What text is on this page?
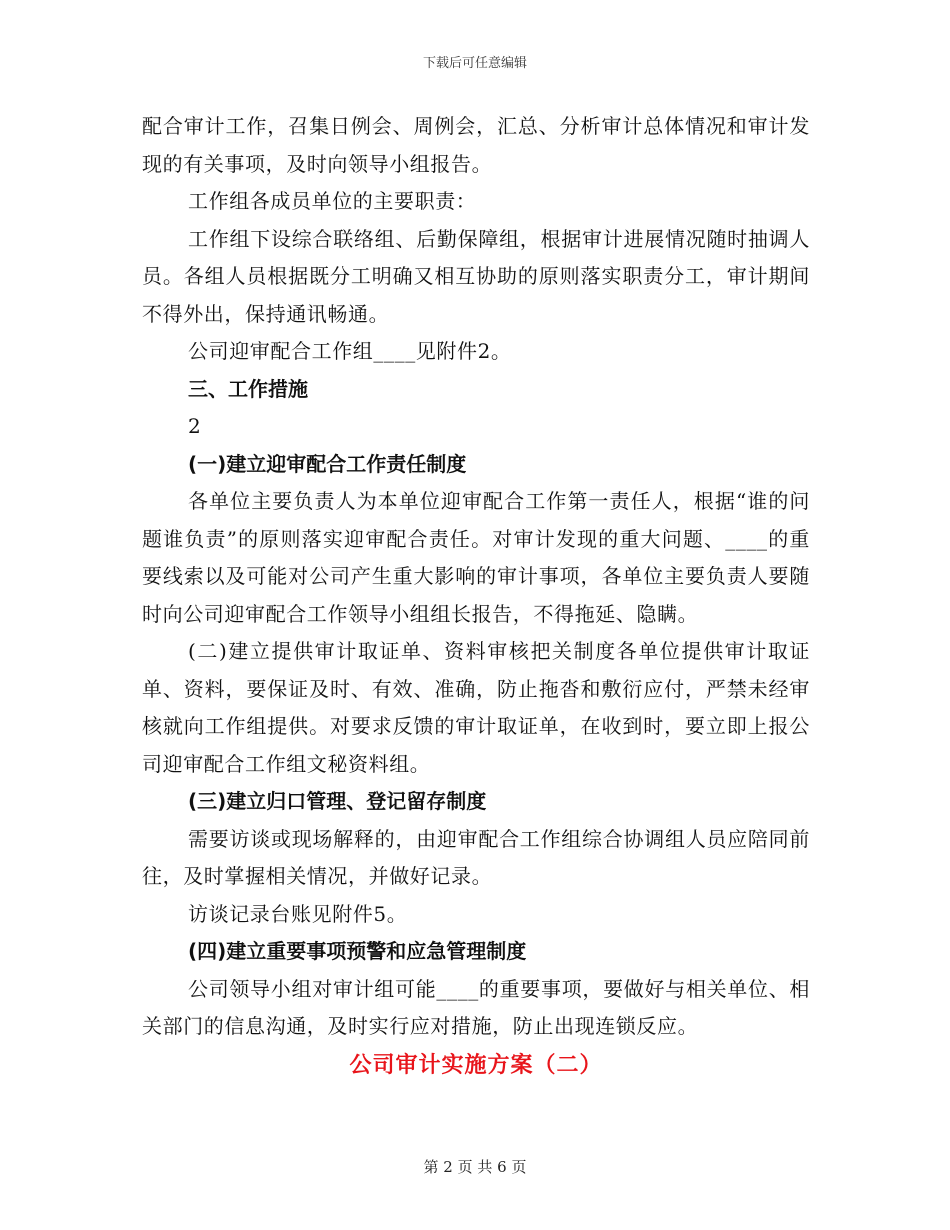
下载后可任意编辑

配合审计工作，召集日例会、周例会，汇总、分析审计总体情况和审计发现的有关事项，及时向领导小组报告。

工作组各成员单位的主要职责：

工作组下设综合联络组、后勤保障组，根据审计进展情况随时抽调人员。各组人员根据既分工明确又相互协助的原则落实职责分工，审计期间不得外出，保持通讯畅通。

公司迎审配合工作组____见附件2。

三、工作措施

2

(一)建立迎审配合工作责任制度

各单位主要负责人为本单位迎审配合工作第一责任人，根据“谁的问题谁负责”的原则落实迎审配合责任。对审计发现的重大问题、____的重要线索以及可能对公司产生重大影响的审计事项，各单位主要负责人要随时向公司迎审配合工作领导小组组长报告，不得拖延、隐瞒。

(二)建立提供审计取证单、资料审核把关制度各单位提供审计取证单、资料，要保证及时、有效、准确，防止拖沓和敷衍应付，严禁未经审核就向工作组提供。对要求反馈的审计取证单，在收到时，要立即上报公司迎审配合工作组文秘资料组。

(三)建立归口管理、登记留存制度

需要访谈或现场解释的，由迎审配合工作组综合协调组人员应陪同前往，及时掌握相关情况，并做好记录。

访谈记录台账见附件5。

(四)建立重要事项预警和应急管理制度

公司领导小组对审计组可能____的重要事项，要做好与相关单位、相关部门的信息沟通，及时实行应对措施，防止出现连锁反应。

公司审计实施方案（二）

第 2 页 共 6 页
